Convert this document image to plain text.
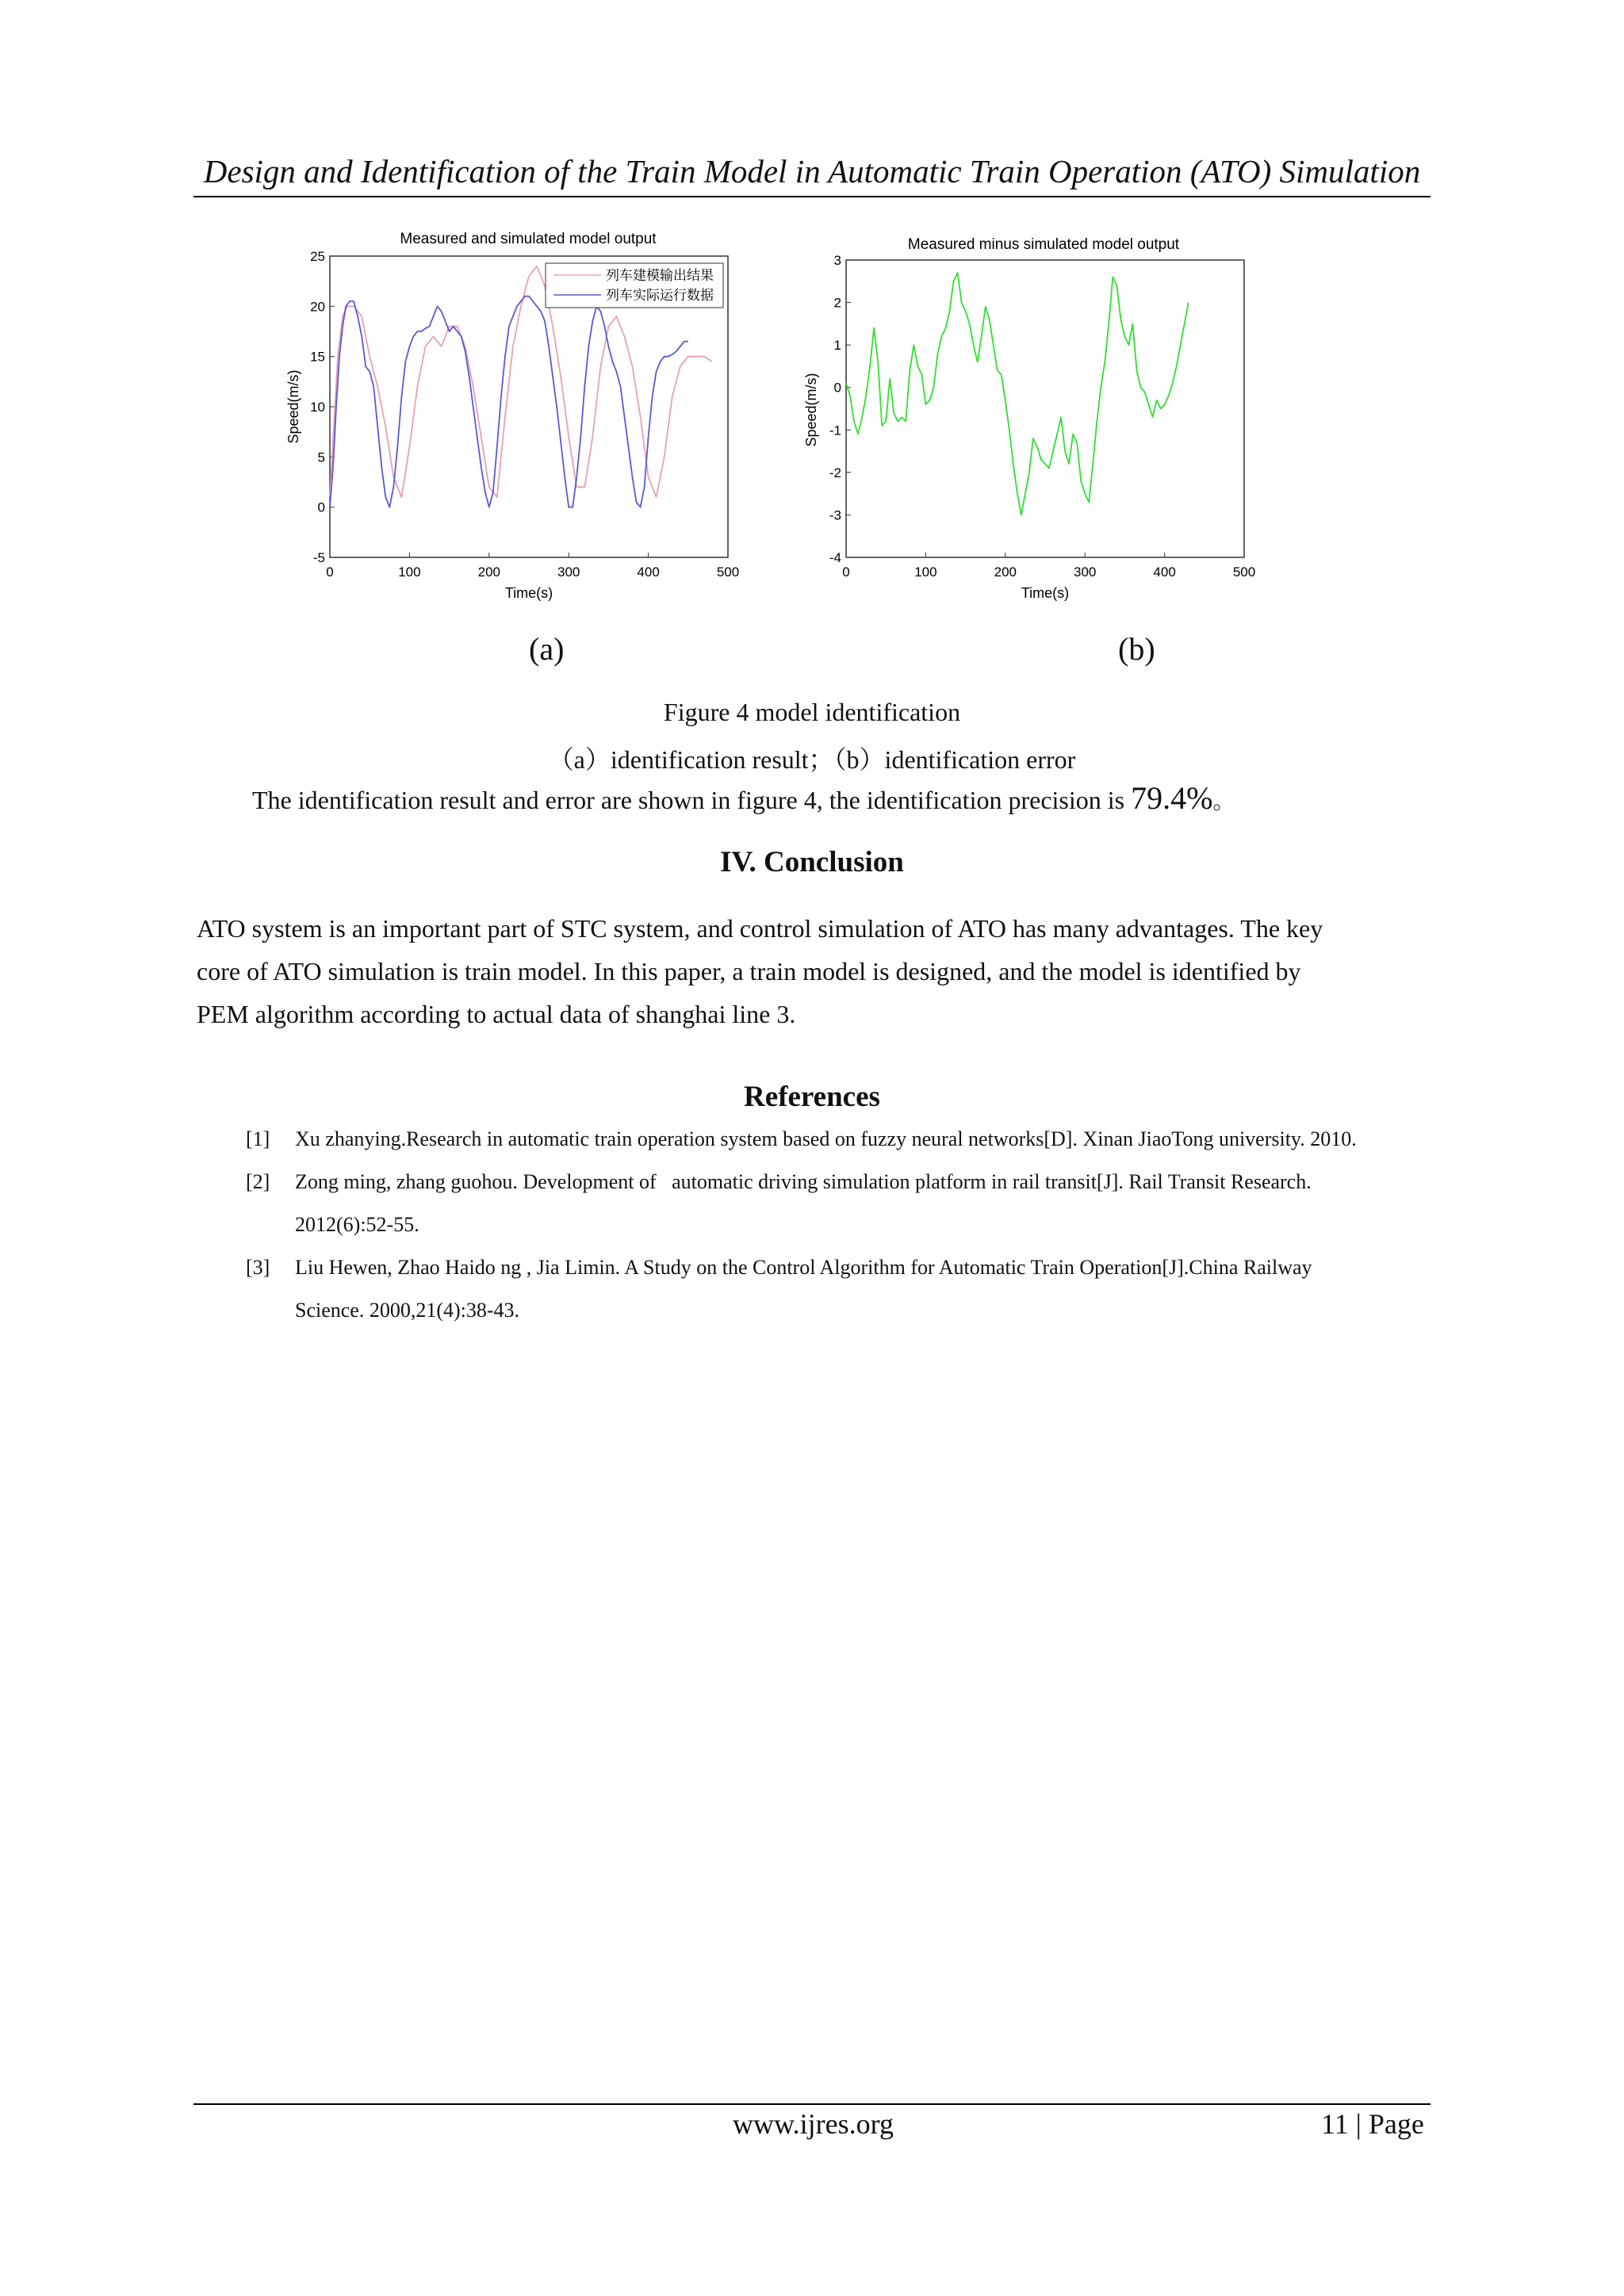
Design and Identification of the Train Model in Automatic Train Operation (ATO) Simulation
Measured and simulated model output
0	100	200	300	400	500
-5
0
5
10
15
20
25
Time(s)
Speed(m/s)
列车建模输出结果
列车实际运行数据
Measured minus simulated model output
0	100	200	300	400	500
-4
-3
-2
-1
0
1
2
3
Time(s)
Speed(m/s)
(a)	(b)
Figure 4 model identification
（a）identification result；（b）identification error
The identification result and error are shown in figure 4, the identification precision is 79.4%。
IV. Conclusion
ATO system is an important part of STC system, and control simulation of ATO has many advantages. The key
core of ATO simulation is train model. In this paper, a train model is designed, and the model is identified by
PEM algorithm according to actual data of shanghai line 3.
References
[1] Xu zhanying.Research in automatic train operation system based on fuzzy neural networks[D]. Xinan JiaoTong university. 2010.
[2] Zong ming, zhang guohou. Development of   automatic driving simulation platform in rail transit[J]. Rail Transit Research.
2012(6):52-55.
[3] Liu Hewen, Zhao Haido ng , Jia Limin. A Study on the Control Algorithm for Automatic Train Operation[J].China Railway
Science. 2000,21(4):38-43.
www.ijres.org	11 | Page
